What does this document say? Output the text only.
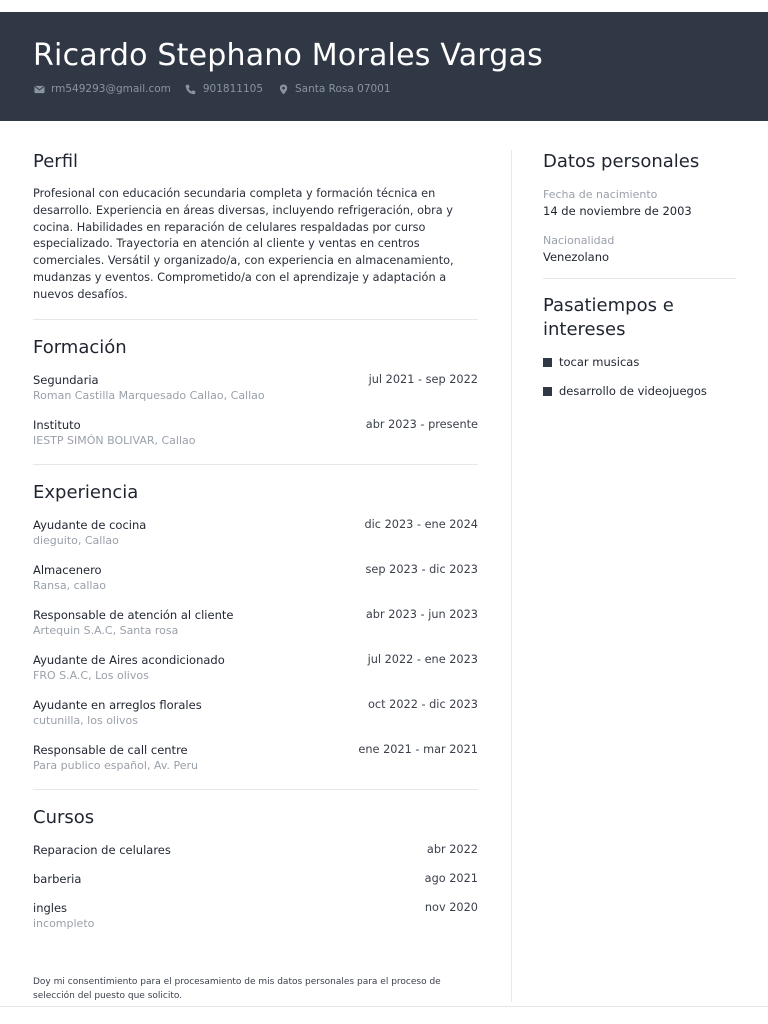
Ricardo Stephano Morales Vargas
rm549293@gmail.com	901811105	Santa Rosa 07001
Perfil
Profesional con educación secundaria completa y formación técnica en desarrollo. Experiencia en áreas diversas, incluyendo refrigeración, obra y cocina. Habilidades en reparación de celulares respaldadas por curso especializado. Trayectoria en atención al cliente y ventas en centros comerciales. Versátil y organizado/a, con experiencia en almacenamiento, mudanzas y eventos. Comprometido/a con el aprendizaje y adaptación a nuevos desafíos.
Formación
Segundaria
Roman Castilla Marquesado Callao, Callao
jul 2021 - sep 2022
Instituto
IESTP SIMÓN BOLIVAR, Callao
abr 2023 - presente
Experiencia
Ayudante de cocina
dieguito, Callao
dic 2023 - ene 2024
Almacenero
Ransa, callao
sep 2023 - dic 2023
Responsable de atención al cliente
Artequin S.A.C, Santa rosa
abr 2023 - jun 2023
Ayudante de Aires acondicionado
FRO S.A.C, Los olivos
jul 2022 - ene 2023
Ayudante en arreglos florales
cutunilla, los olivos
oct 2022 - dic 2023
Responsable de call centre
Para publico español, Av. Peru
ene 2021 - mar 2021
Cursos
Reparacion de celulares	abr 2022
barberia	ago 2021
ingles
incompleto
nov 2020
Doy mi consentimiento para el procesamiento de mis datos personales para el proceso de selección del puesto que solicito.
Datos personales
Fecha de nacimiento
14 de noviembre de 2003
Nacionalidad
Venezolano
Pasatiempos e
intereses
tocar musicas
desarrollo de videojuegos
